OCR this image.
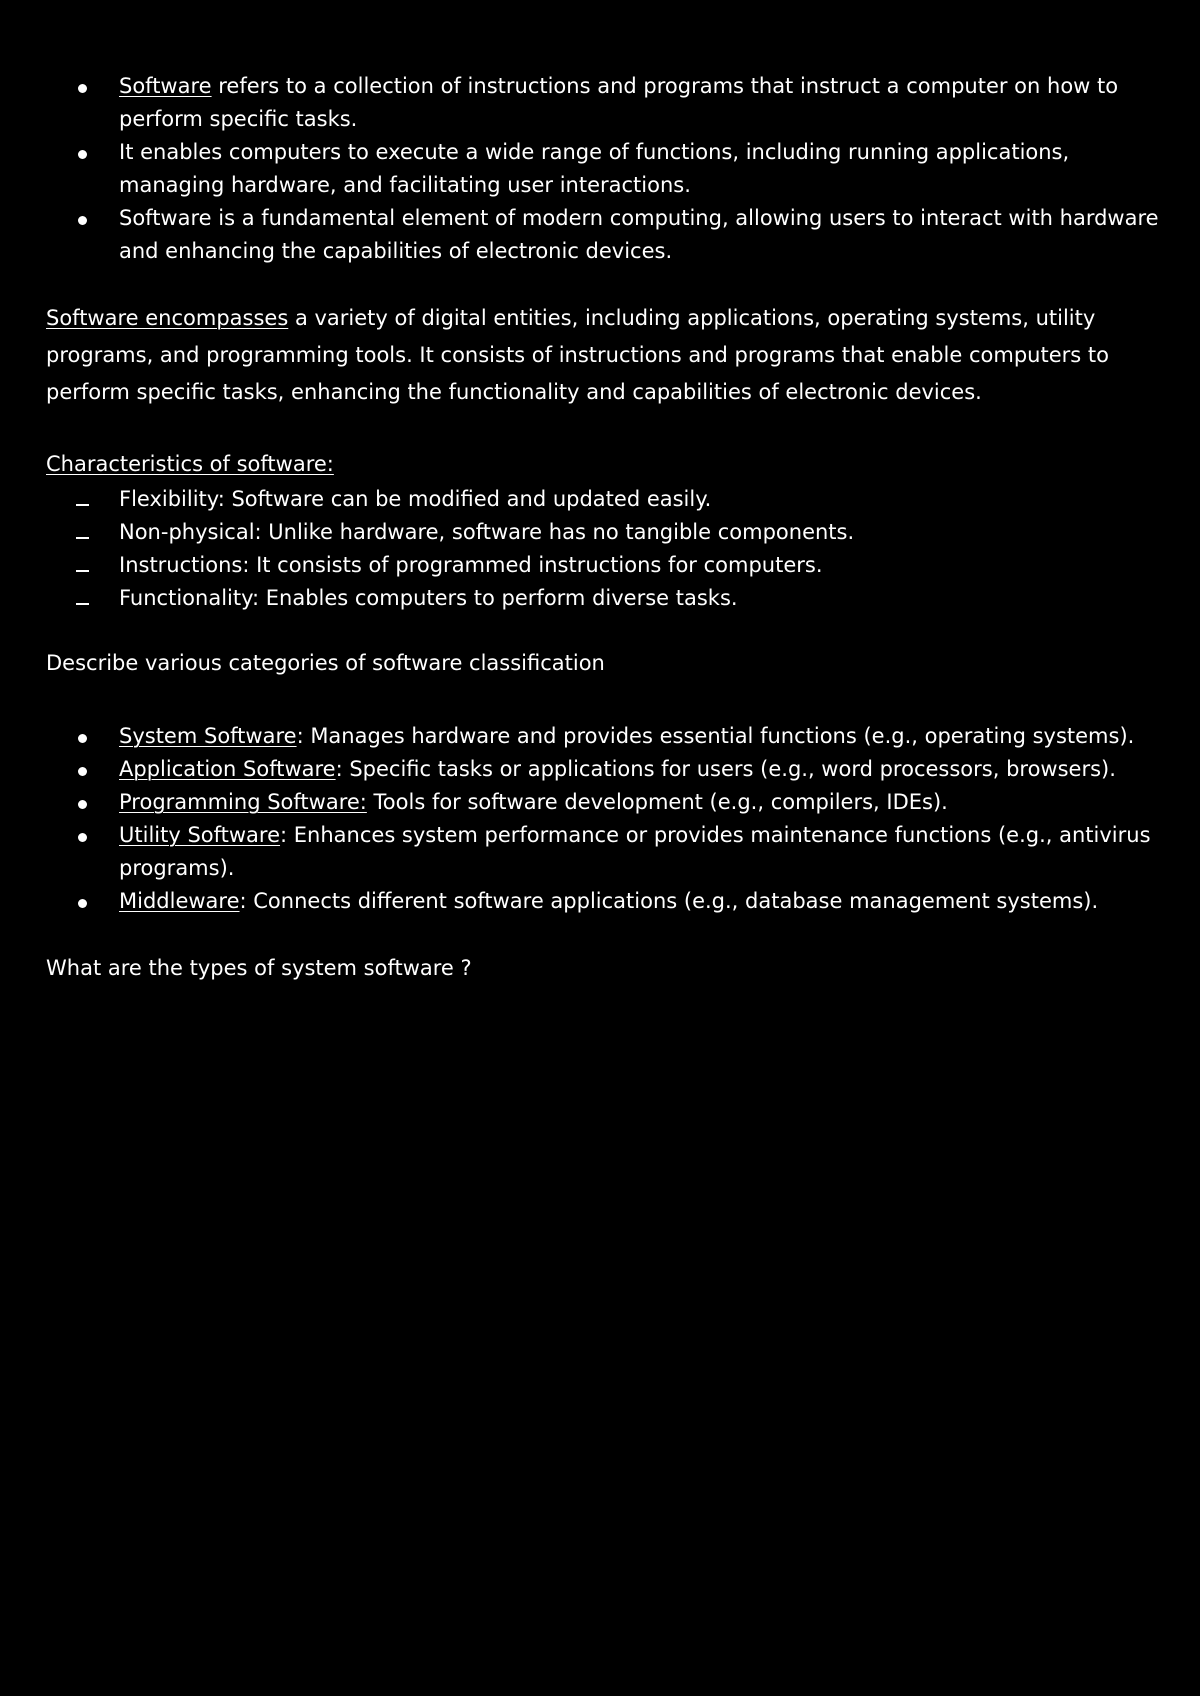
Software refers to a collection of instructions and programs that instruct a computer on how to perform specific tasks.
It enables computers to execute a wide range of functions, including running applications, managing hardware, and facilitating user interactions.
Software is a fundamental element of modern computing, allowing users to interact with hardware and enhancing the capabilities of electronic devices.

Software encompasses a variety of digital entities, including applications, operating systems, utility programs, and programming tools. It consists of instructions and programs that enable computers to perform specific tasks, enhancing the functionality and capabilities of electronic devices.

Characteristics of software:

Flexibility: Software can be modified and updated easily.
Non-physical: Unlike hardware, software has no tangible components.
Instructions: It consists of programmed instructions for computers.
Functionality: Enables computers to perform diverse tasks.

Describe various categories of software classification

System Software: Manages hardware and provides essential functions (e.g., operating systems).
Application Software: Specific tasks or applications for users (e.g., word processors, browsers).
Programming Software: Tools for software development (e.g., compilers, IDEs).
Utility Software: Enhances system performance or provides maintenance functions (e.g., antivirus programs).
Middleware: Connects different software applications (e.g., database management systems).

What are the types of system software ?
